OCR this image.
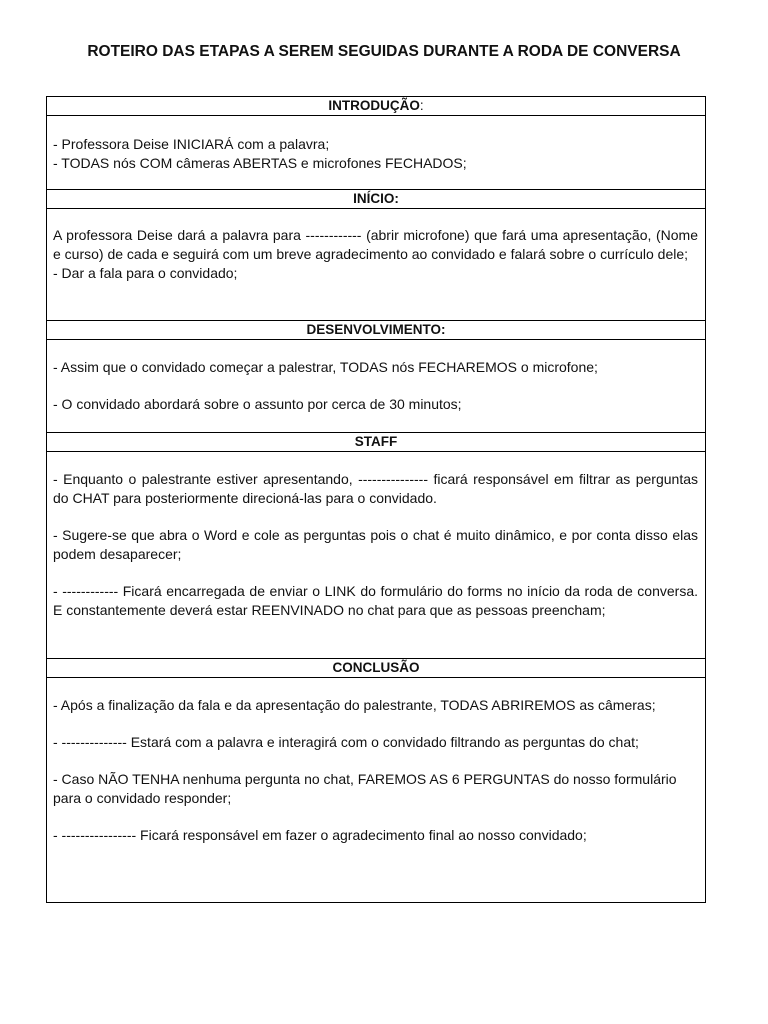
ROTEIRO DAS ETAPAS A SEREM SEGUIDAS DURANTE A RODA DE CONVERSA
INTRODUÇÃO:

- Professora Deise INICIARÁ com a palavra;

- TODAS nós COM câmeras ABERTAS e microfones FECHADOS;

INÍCIO:

A professora Deise dará a palavra para ------------ (abrir microfone) que fará uma apresentação, (Nome e curso) de cada e seguirá com um breve agradecimento ao convidado e falará sobre o currículo dele;

- Dar a fala para o convidado;

DESENVOLVIMENTO:

- Assim que o convidado começar a palestrar, TODAS nós FECHAREMOS o microfone;

- O convidado abordará sobre o assunto por cerca de 30 minutos;

STAFF

- Enquanto o palestrante estiver apresentando, --------------- ficará responsável em filtrar as perguntas do CHAT para posteriormente direcioná-las para o convidado.

- Sugere-se que abra o Word e cole as perguntas pois o chat é muito dinâmico, e por conta disso elas podem desaparecer;

- ------------ Ficará encarregada de enviar o LINK do formulário do forms no início da roda de conversa. E constantemente deverá estar REENVINADO no chat para que as pessoas preencham;

CONCLUSÃO

- Após a finalização da fala e da apresentação do palestrante, TODAS ABRIREMOS as câmeras;

- -------------- Estará com a palavra e interagirá com o convidado filtrando as perguntas do chat;

- Caso NÃO TENHA nenhuma pergunta no chat, FAREMOS AS 6 PERGUNTAS do nosso formulário para o convidado responder;

- ---------------- Ficará responsável em fazer o agradecimento final ao nosso convidado;
